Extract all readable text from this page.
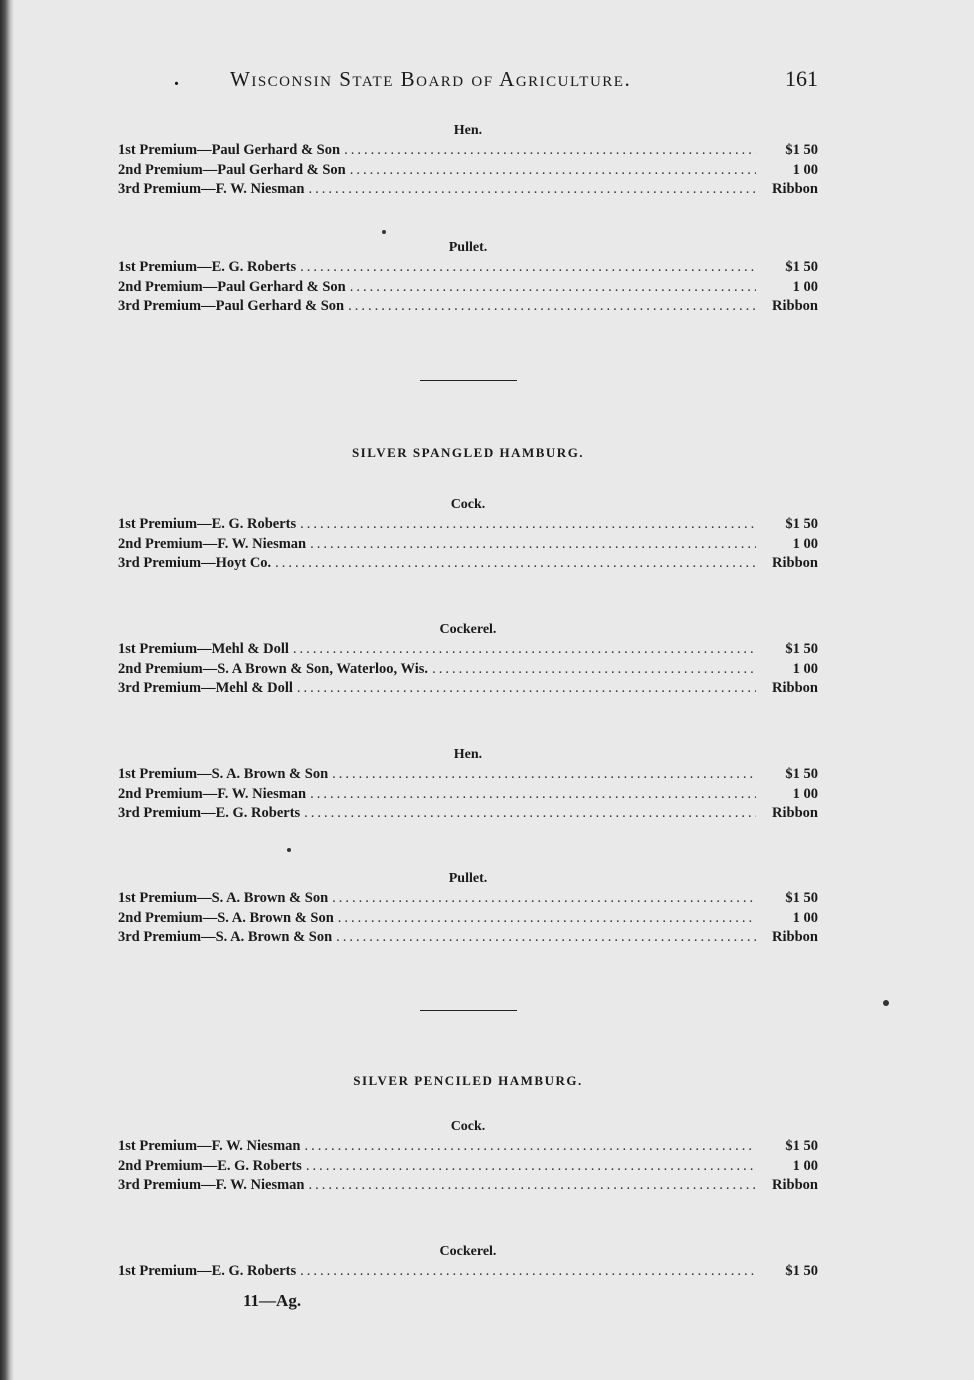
. Wisconsin State Board of Agriculture.	161
Hen.
1st Premium—Paul Gerhard & Son .....	$1 50
2nd Premium—Paul Gerhard & Son .....	1 00
3rd Premium—F. W. Niesman .....	Ribbon
Pullet.
1st Premium—E. G. Roberts .....	$1 50
2nd Premium—Paul Gerhard & Son .....	1 00
3rd Premium—Paul Gerhard & Son .....	Ribbon
SILVER SPANGLED HAMBURG.
Cock.
1st Premium—E. G. Roberts .....	$1 50
2nd Premium—F. W. Niesman .....	1 00
3rd Premium—Hoyt Co. .....	Ribbon
Cockerel.
1st Premium—Mehl & Doll .....	$1 50
2nd Premium—S. A Brown & Son, Waterloo, Wis. .....	1 00
3rd Premium—Mehl & Doll .....	Ribbon
Hen.
1st Premium—S. A. Brown & Son .....	$1 50
2nd Premium—F. W. Niesman .....	1 00
3rd Premium—E. G. Roberts .....	Ribbon
Pullet.
1st Premium—S. A. Brown & Son .....	$1 50
2nd Premium—S. A. Brown & Son .....	1 00
3rd Premium—S. A. Brown & Son .....	Ribbon
SILVER PENCILED HAMBURG.
Cock.
1st Premium—F. W. Niesman .....	$1 50
2nd Premium—E. G. Roberts .....	1 00
3rd Premium—F. W. Niesman .....	Ribbon
Cockerel.
1st Premium—E. G. Roberts .....	$1 50
11—Ag.
